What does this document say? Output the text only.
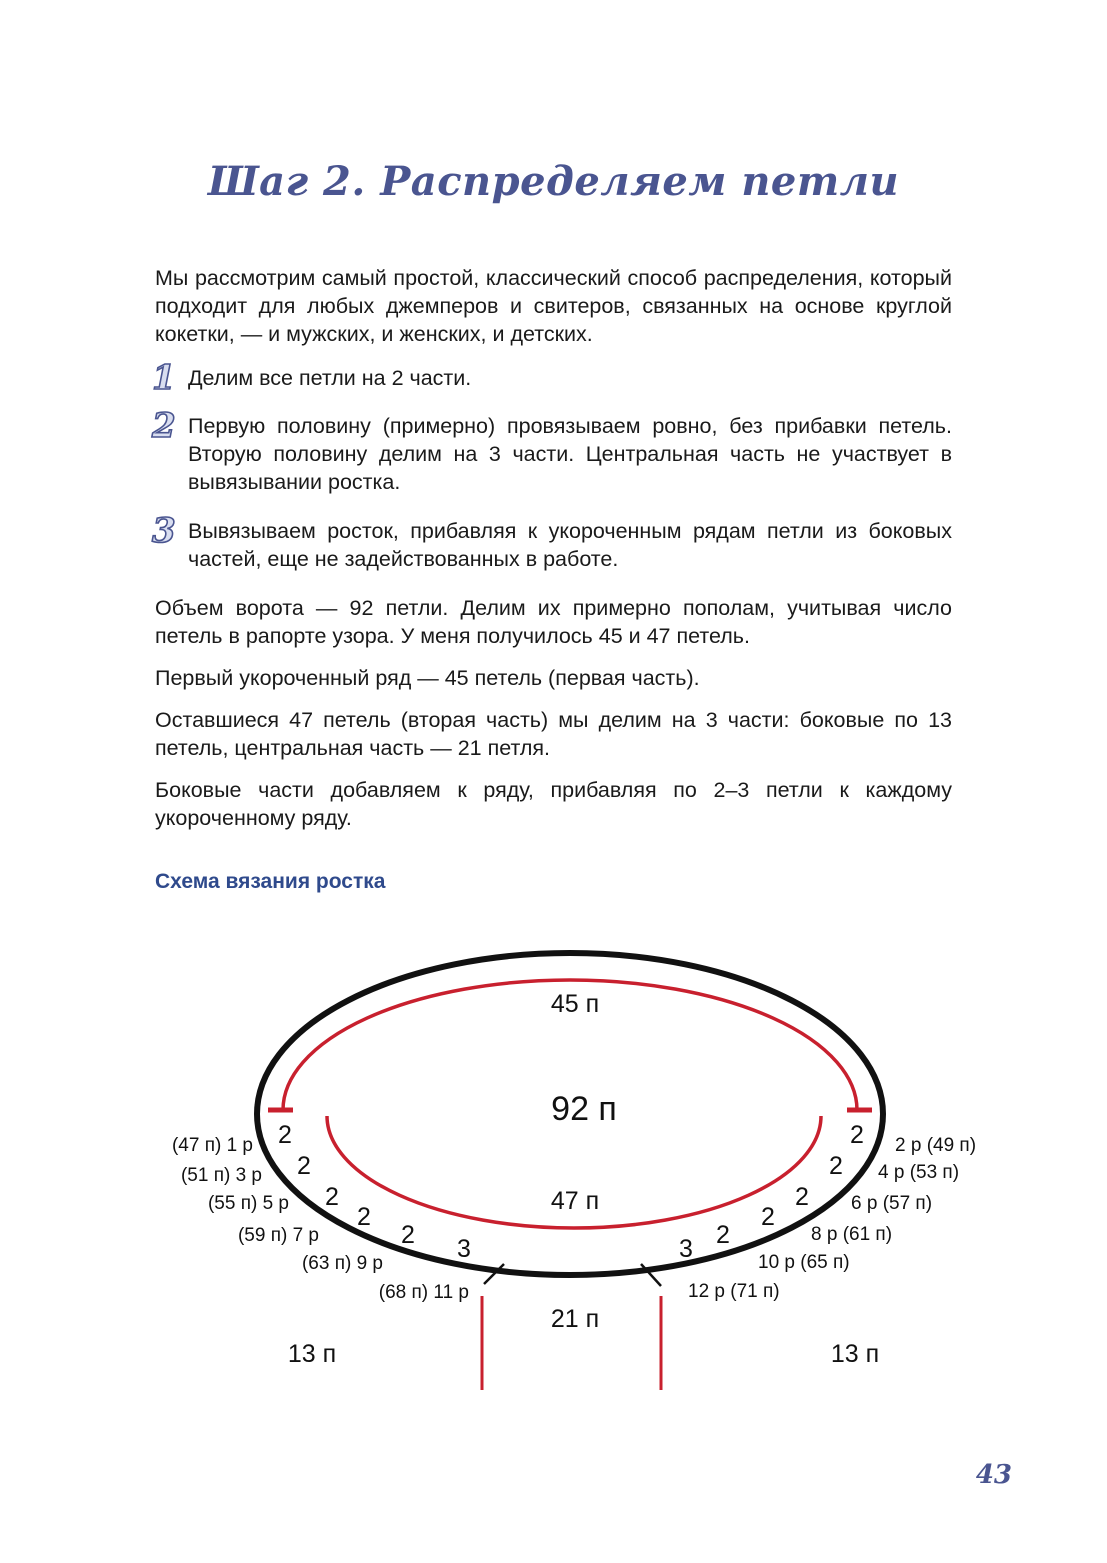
Шаг 2. Распределяем петли

Мы рассмотрим самый простой, классический способ распределения, который подходит для любых джемперов и свитеров, связанных на основе круглой кокетки, — и мужских, и женских, и детских.

1 Делим все петли на 2 части.
2 Первую половину (примерно) провязываем ровно, без прибавки петель. Вторую половину делим на 3 части. Центральная часть не участвует в вывязывании ростка.
3 Вывязываем росток, прибавляя к укороченным рядам петли из боковых частей, еще не задействованных в работе.

Объем ворота — 92 петли. Делим их примерно пополам, учитывая число петель в рапорте узора. У меня получилось 45 и 47 петель.

Первый укороченный ряд — 45 петель (первая часть).

Оставшиеся 47 петель (вторая часть) мы делим на 3 части: боковые по 13 петель, центральная часть — 21 петля.

Боковые части добавляем к ряду, прибавляя по 2–3 петли к каждому укороченному ряду.

Схема вязания ростка
45 п
92 п
47 п
21 п
13 п	13 п
2
2
2
2
2 3
2
2
2
2
2
3
(47 п) 1 р
(51 п) 3 р
(55 п) 5 р
(59 п) 7 р
(63 п) 9 р
(68 п) 11 р
2 р (49 п)
4 р (53 п)
6 р (57 п)
8 р (61 п)
10 р (65 п)
12 р (71 п)
43
